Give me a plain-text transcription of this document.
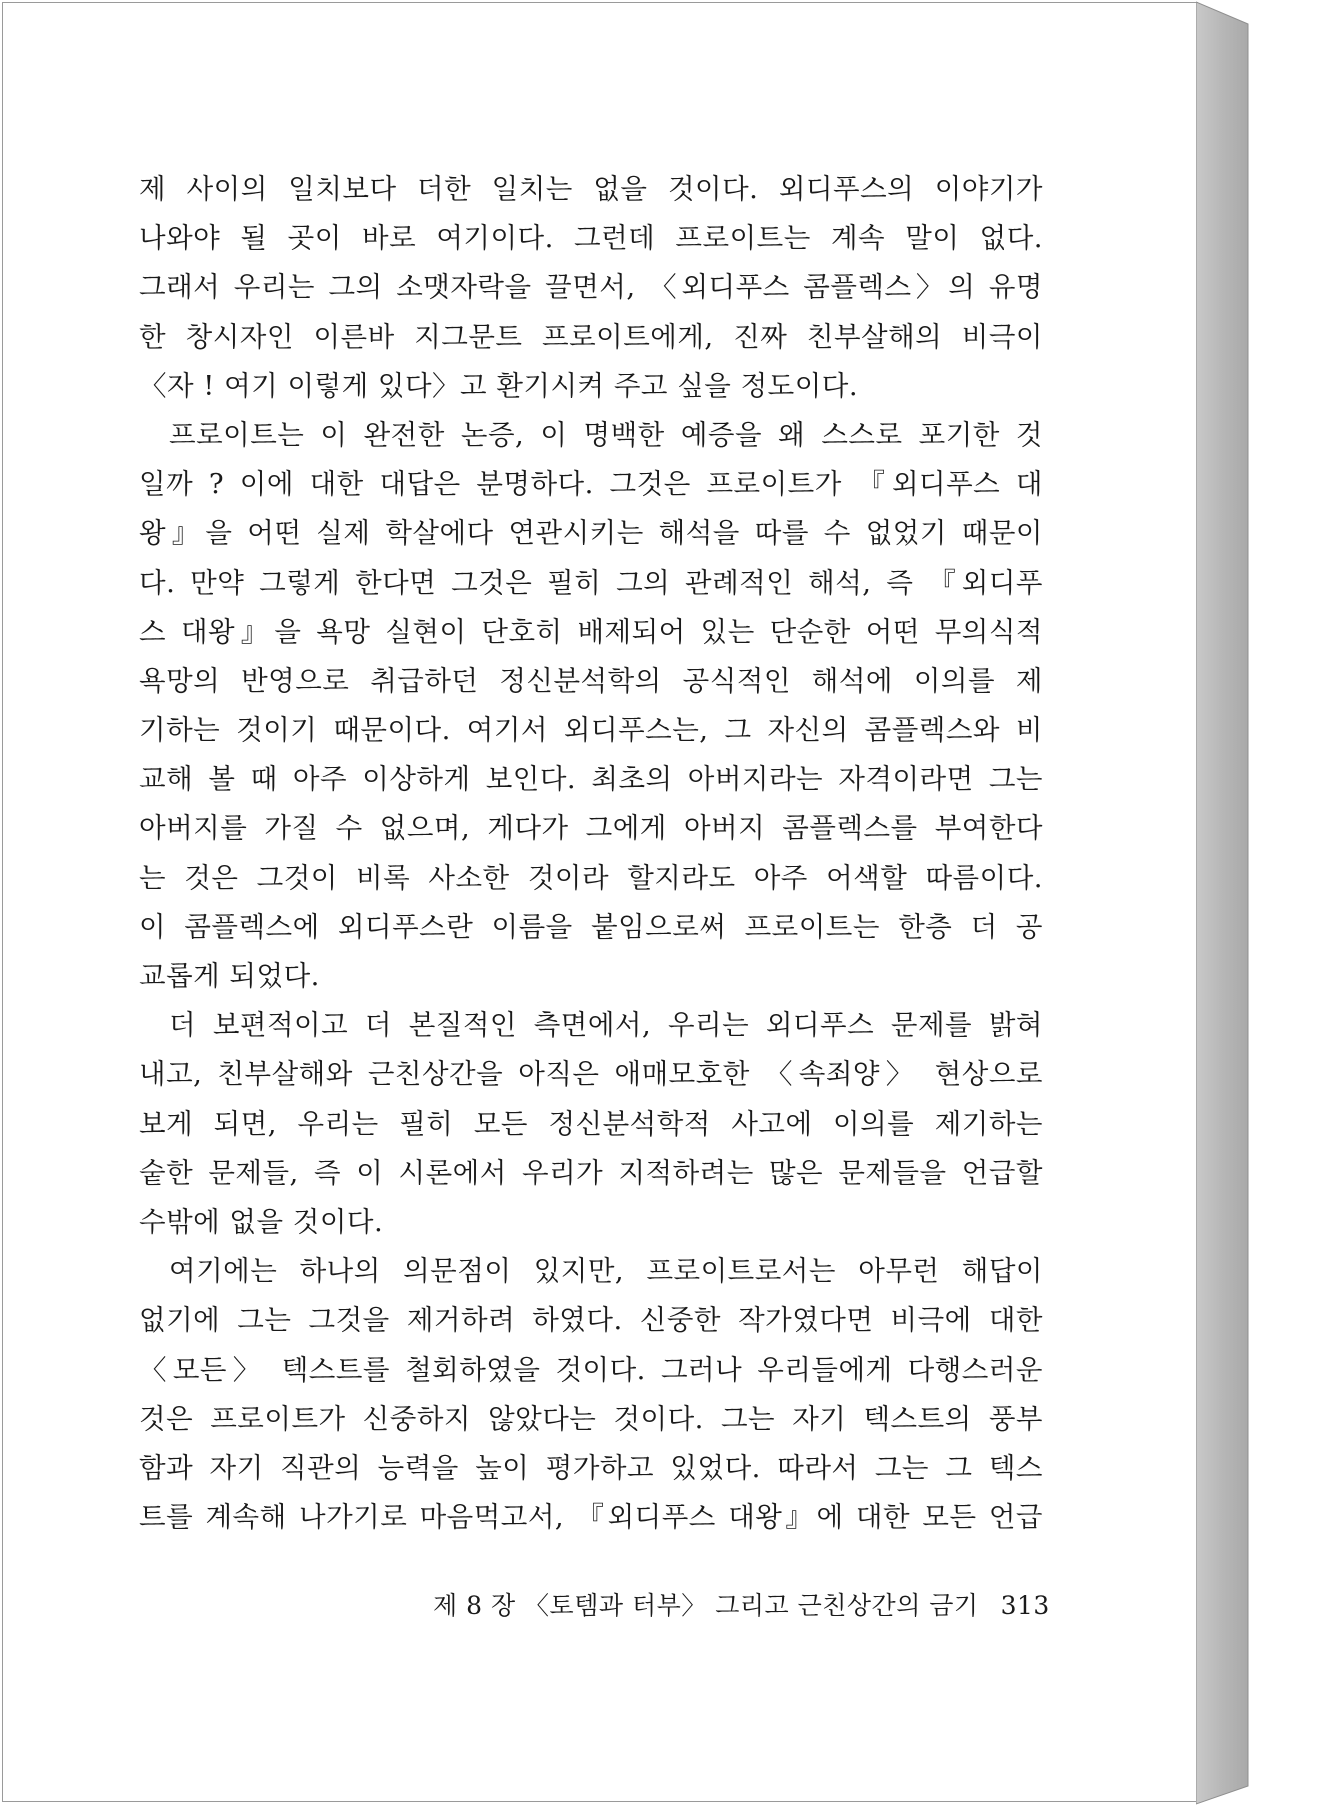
제 사이의 일치보다 더한 일치는 없을 것이다. 외디푸스의 이야기가
나와야 될 곳이 바로 여기이다. 그런데 프로이트는 계속 말이 없다.
그래서 우리는 그의 소맷자락을 끌면서, 〈외디푸스 콤플렉스〉의 유명
한 창시자인 이른바 지그문트 프로이트에게, 진짜 친부살해의 비극이
〈자 ! 여기 이렇게 있다〉고 환기시켜 주고 싶을 정도이다.
프로이트는 이 완전한 논증, 이 명백한 예증을 왜 스스로 포기한 것
일까 ? 이에 대한 대답은 분명하다. 그것은 프로이트가 『외디푸스 대
왕』을 어떤 실제 학살에다 연관시키는 해석을 따를 수 없었기 때문이
다. 만약 그렇게 한다면 그것은 필히 그의 관례적인 해석, 즉 『외디푸
스 대왕』을 욕망 실현이 단호히 배제되어 있는 단순한 어떤 무의식적
욕망의 반영으로 취급하던 정신분석학의 공식적인 해석에 이의를 제
기하는 것이기 때문이다. 여기서 외디푸스는, 그 자신의 콤플렉스와 비
교해 볼 때 아주 이상하게 보인다. 최초의 아버지라는 자격이라면 그는
아버지를 가질 수 없으며, 게다가 그에게 아버지 콤플렉스를 부여한다
는 것은 그것이 비록 사소한 것이라 할지라도 아주 어색할 따름이다.
이 콤플렉스에 외디푸스란 이름을 붙임으로써 프로이트는 한층 더 공
교롭게 되었다.
더 보편적이고 더 본질적인 측면에서, 우리는 외디푸스 문제를 밝혀
내고, 친부살해와 근친상간을 아직은 애매모호한 〈속죄양〉 현상으로
보게 되면, 우리는 필히 모든 정신분석학적 사고에 이의를 제기하는
숱한 문제들, 즉 이 시론에서 우리가 지적하려는 많은 문제들을 언급할
수밖에 없을 것이다.
여기에는 하나의 의문점이 있지만, 프로이트로서는 아무런 해답이
없기에 그는 그것을 제거하려 하였다. 신중한 작가였다면 비극에 대한
〈모든〉 텍스트를 철회하였을 것이다. 그러나 우리들에게 다행스러운
것은 프로이트가 신중하지 않았다는 것이다. 그는 자기 텍스트의 풍부
함과 자기 직관의 능력을 높이 평가하고 있었다. 따라서 그는 그 텍스
트를 계속해 나가기로 마음먹고서, 『외디푸스 대왕』에 대한 모든 언급
제 8 장 〈토템과 터부〉 그리고 근친상간의 금기 313
